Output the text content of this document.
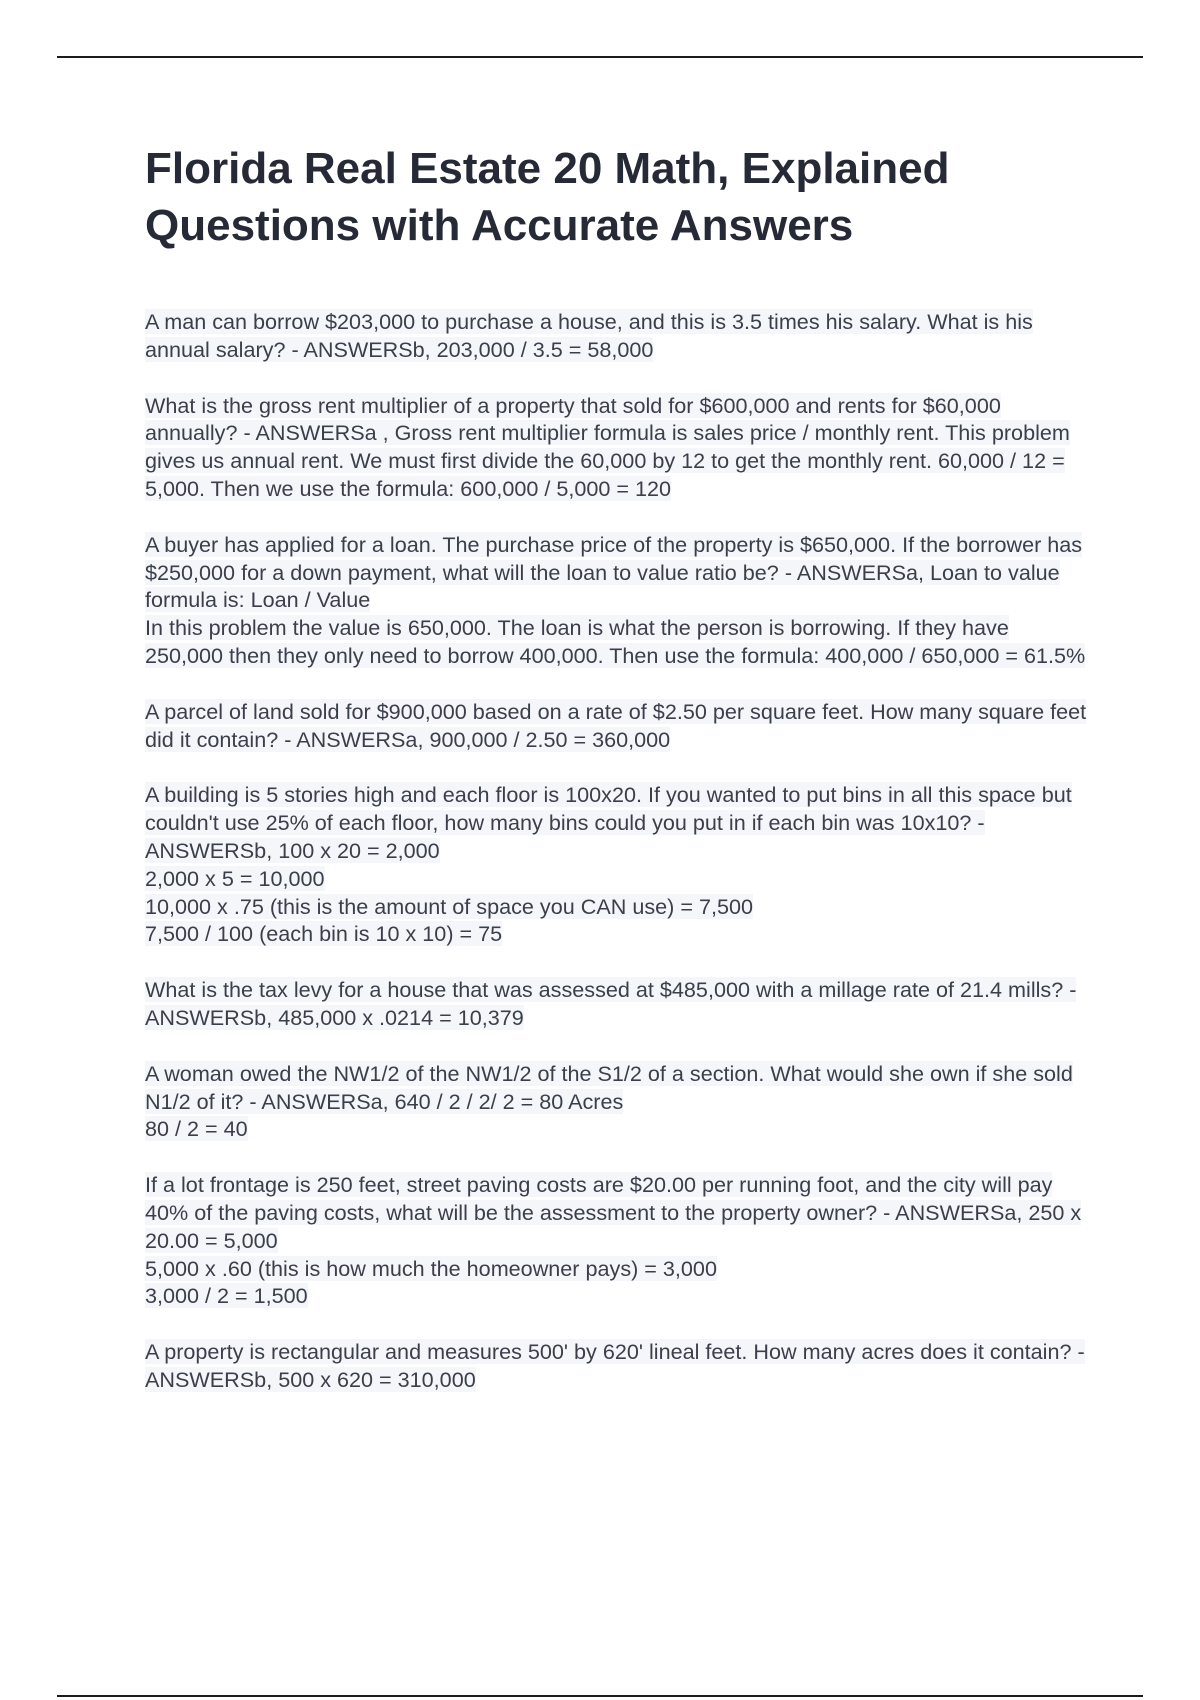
Florida Real Estate 20 Math, Explained Questions with Accurate Answers

A man can borrow $203,000 to purchase a house, and this is 3.5 times his salary. What is his annual salary? - ANSWERSb, 203,000 / 3.5 = 58,000

What is the gross rent multiplier of a property that sold for $600,000 and rents for $60,000 annually? - ANSWERSa , Gross rent multiplier formula is sales price / monthly rent. This problem gives us annual rent. We must first divide the 60,000 by 12 to get the monthly rent. 60,000 / 12 = 5,000. Then we use the formula: 600,000 / 5,000 = 120

A buyer has applied for a loan. The purchase price of the property is $650,000. If the borrower has $250,000 for a down payment, what will the loan to value ratio be? - ANSWERSa, Loan to value formula is: Loan / Value
In this problem the value is 650,000. The loan is what the person is borrowing. If they have 250,000 then they only need to borrow 400,000. Then use the formula: 400,000 / 650,000 = 61.5%

A parcel of land sold for $900,000 based on a rate of $2.50 per square feet. How many square feet did it contain? - ANSWERSa, 900,000 / 2.50 = 360,000

A building is 5 stories high and each floor is 100x20. If you wanted to put bins in all this space but couldn't use 25% of each floor, how many bins could you put in if each bin was 10x10? - ANSWERSb, 100 x 20 = 2,000
2,000 x 5 = 10,000
10,000 x .75 (this is the amount of space you CAN use) = 7,500
7,500 / 100 (each bin is 10 x 10) = 75

What is the tax levy for a house that was assessed at $485,000 with a millage rate of 21.4 mills? - ANSWERSb, 485,000 x .0214 = 10,379

A woman owed the NW1/2 of the NW1/2 of the S1/2 of a section. What would she own if she sold N1/2 of it? - ANSWERSa, 640 / 2 / 2/ 2 = 80 Acres
80 / 2 = 40

If a lot frontage is 250 feet, street paving costs are $20.00 per running foot, and the city will pay 40% of the paving costs, what will be the assessment to the property owner? - ANSWERSa, 250 x 20.00 = 5,000
5,000 x .60 (this is how much the homeowner pays) = 3,000
3,000 / 2 = 1,500

A property is rectangular and measures 500' by 620' lineal feet. How many acres does it contain? - ANSWERSb, 500 x 620 = 310,000
